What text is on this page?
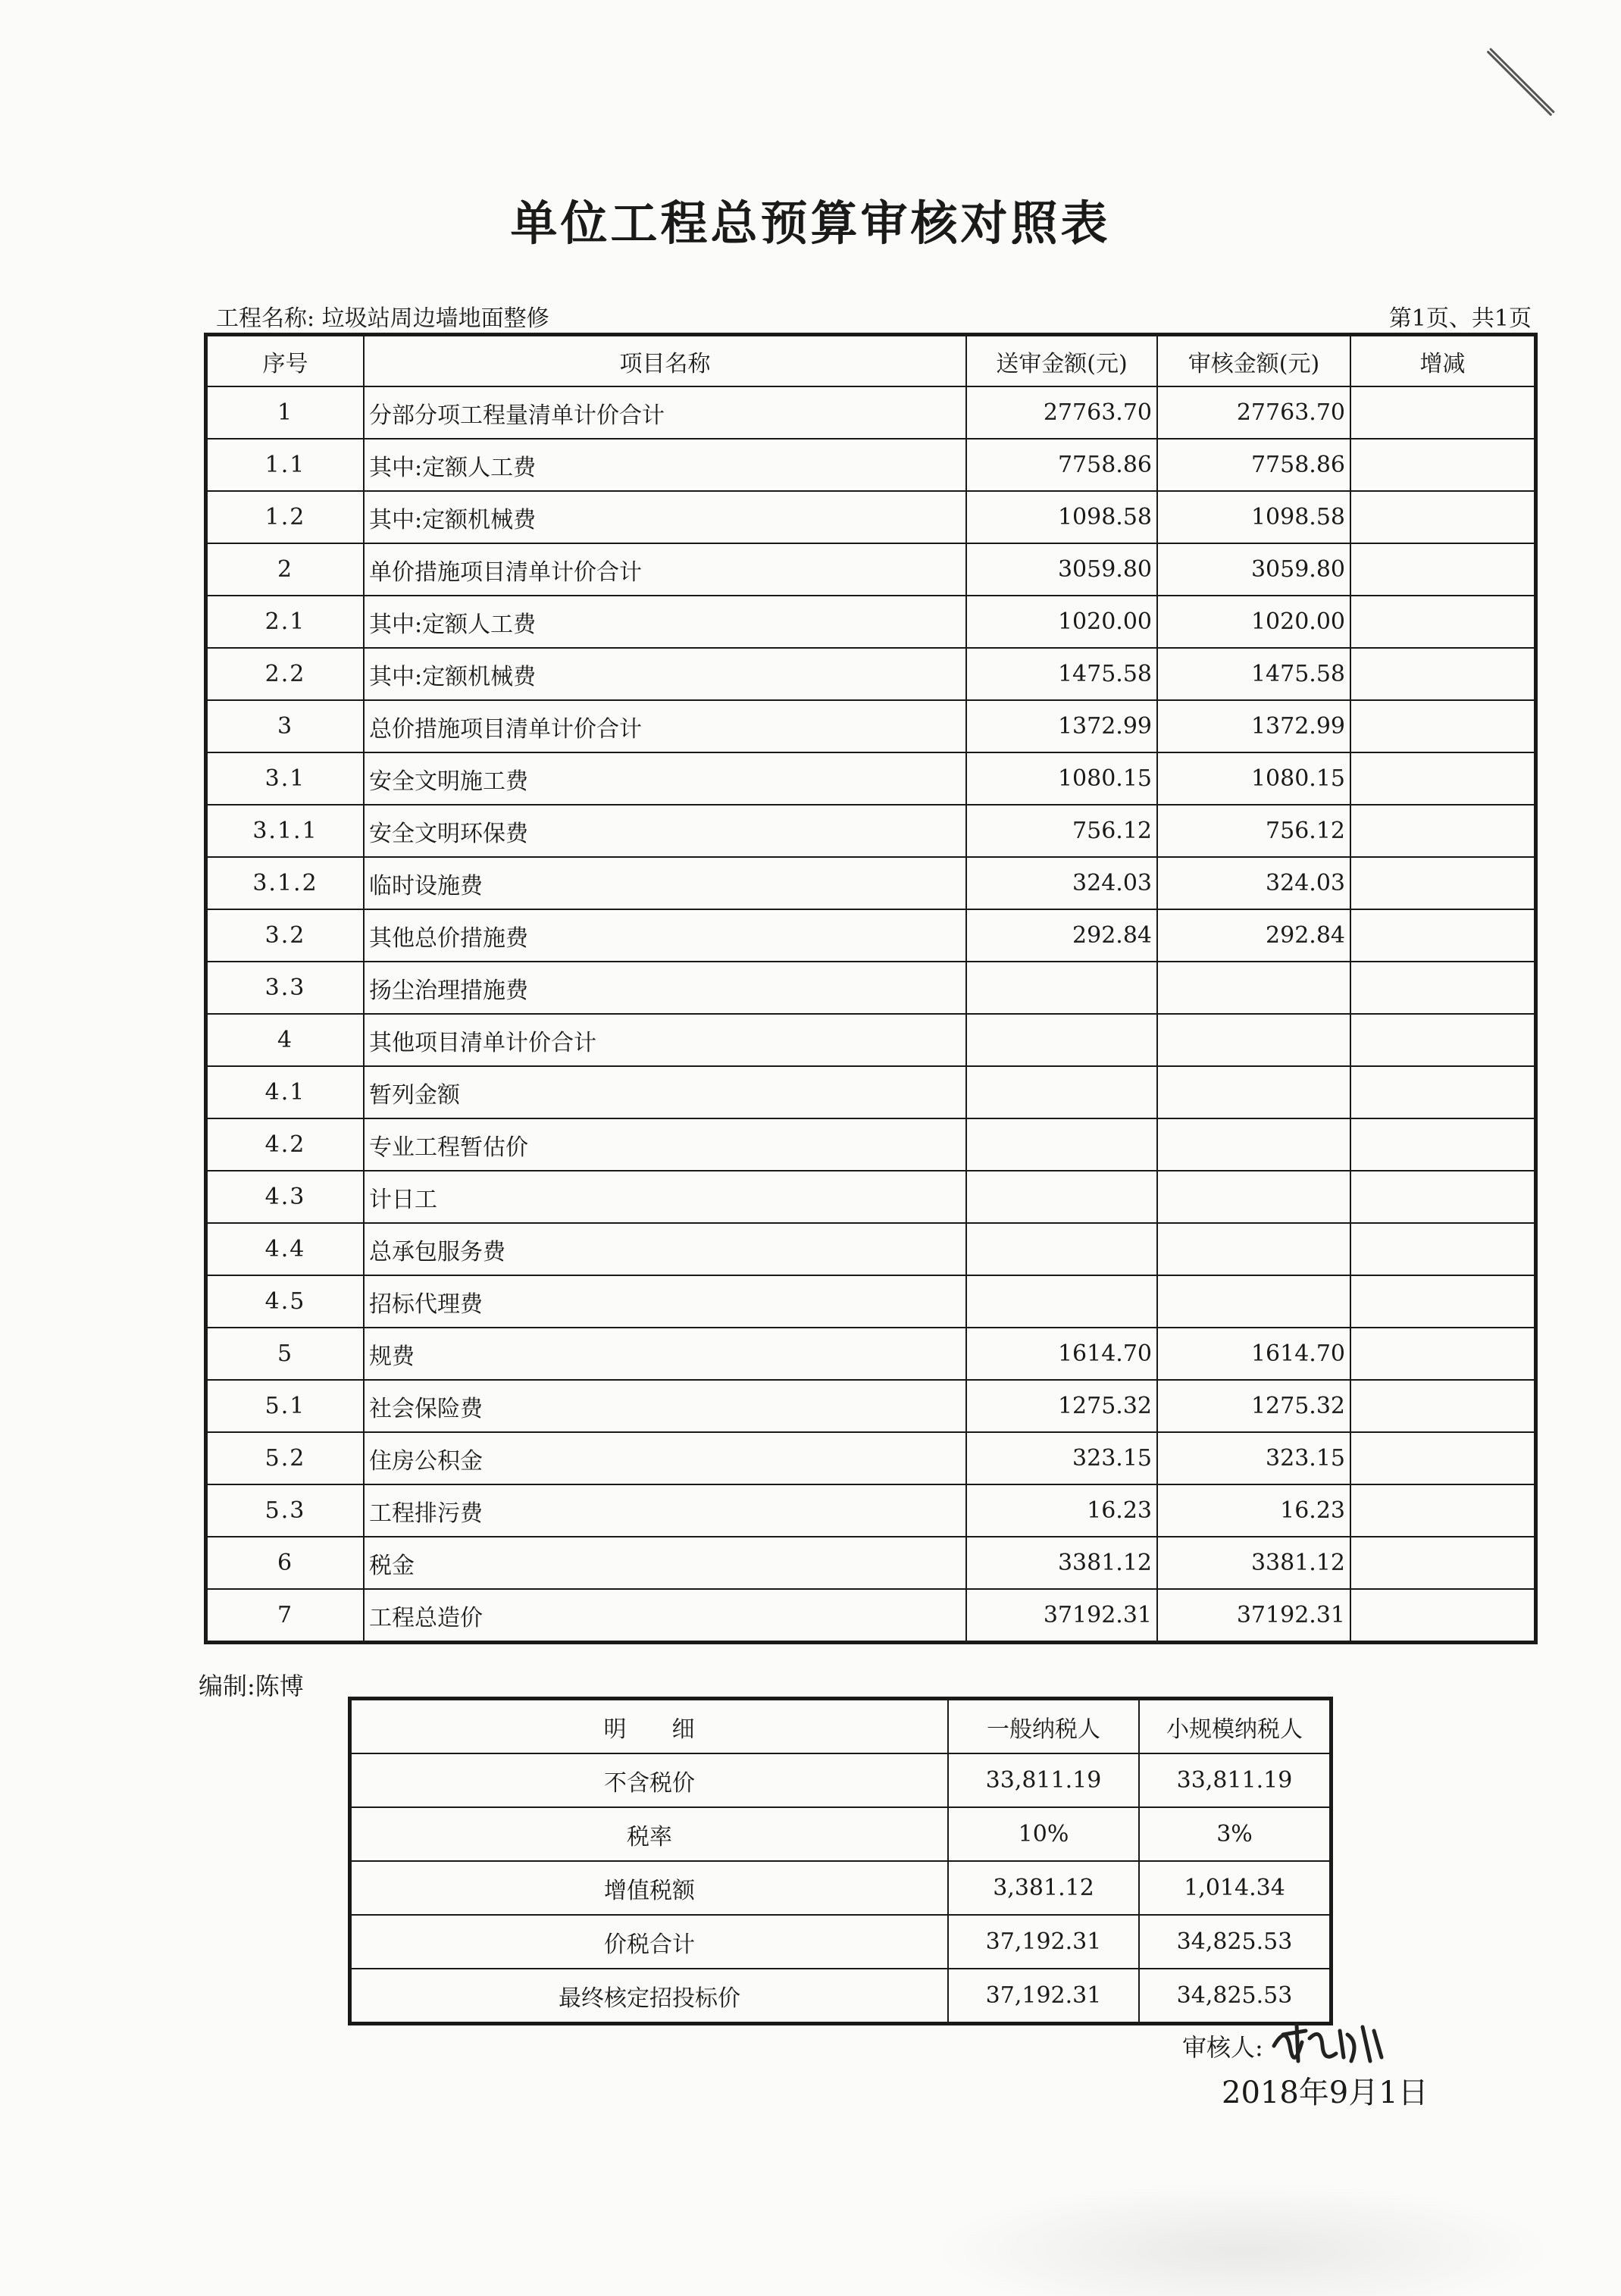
单位工程总预算审核对照表
工程名称: 垃圾站周边墙地面整修	第1页、共1页
序号	项目名称	送审金额(元)	审核金额(元)	增减
1	分部分项工程量清单计价合计	27763.70	27763.70	
1.1	其中:定额人工费	7758.86	7758.86	
1.2	其中:定额机械费	1098.58	1098.58	
2	单价措施项目清单计价合计	3059.80	3059.80	
2.1	其中:定额人工费	1020.00	1020.00	
2.2	其中:定额机械费	1475.58	1475.58	
3	总价措施项目清单计价合计	1372.99	1372.99	
3.1	安全文明施工费	1080.15	1080.15	
3.1.1	安全文明环保费	756.12	756.12	
3.1.2	临时设施费	324.03	324.03	
3.2	其他总价措施费	292.84	292.84	
3.3	扬尘治理措施费			
4	其他项目清单计价合计			
4.1	暂列金额			
4.2	专业工程暂估价			
4.3	计日工			
4.4	总承包服务费			
4.5	招标代理费			
5	规费	1614.70	1614.70	
5.1	社会保险费	1275.32	1275.32	
5.2	住房公积金	323.15	323.15	
5.3	工程排污费	16.23	16.23	
6	税金	3381.12	3381.12	
7	工程总造价	37192.31	37192.31	
编制:陈博
明细	一般纳税人	小规模纳税人
不含税价	33,811.19	33,811.19
税率	10%	3%
增值税额	3,381.12	1,014.34
价税合计	37,192.31	34,825.53
最终核定招投标价	37,192.31	34,825.53
审核人:
2018年9月1日
